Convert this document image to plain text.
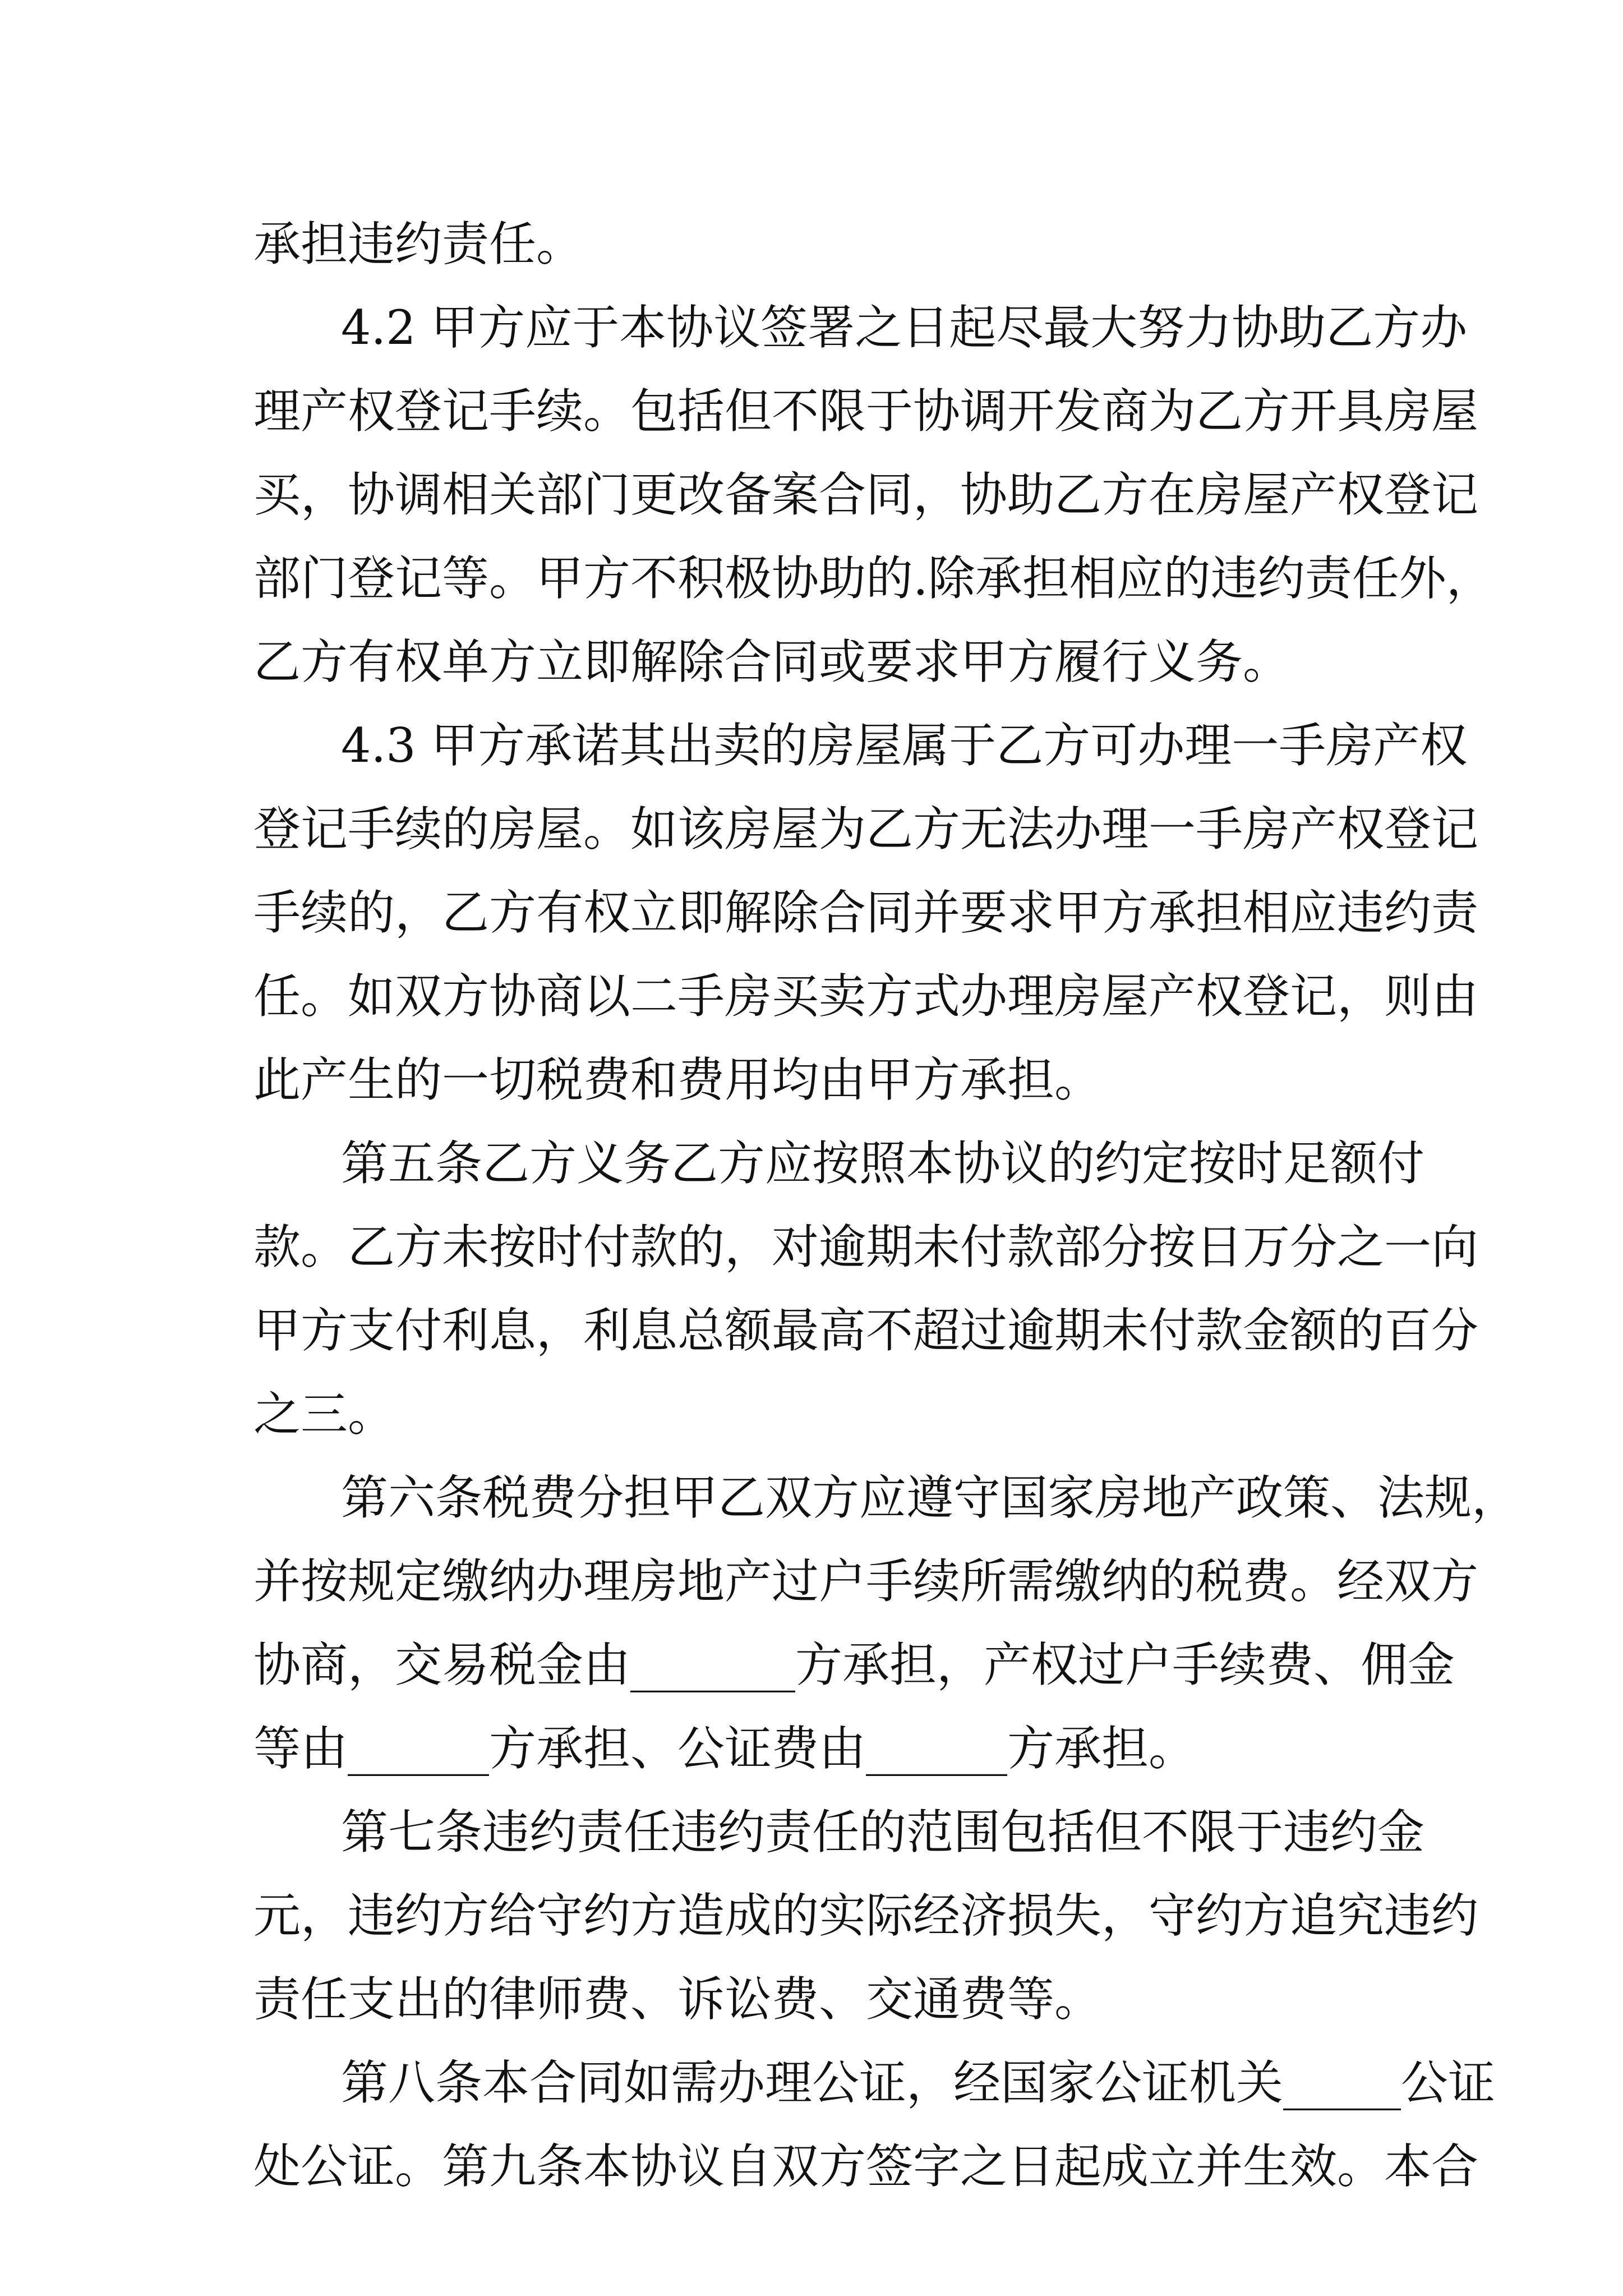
承担违约责任。
4.2 甲方应于本协议签署之日起尽最大努力协助乙方办
理产权登记手续。包括但不限于协调开发商为乙方开具房屋
买，协调相关部门更改备案合同，协助乙方在房屋产权登记
部门登记等。甲方不积极协助的.除承担相应的违约责任外，
乙方有权单方立即解除合同或要求甲方履行义务。
4.3 甲方承诺其出卖的房屋属于乙方可办理一手房产权
登记手续的房屋。如该房屋为乙方无法办理一手房产权登记
手续的，乙方有权立即解除合同并要求甲方承担相应违约责
任。如双方协商以二手房买卖方式办理房屋产权登记，则由
此产生的一切税费和费用均由甲方承担。
第五条乙方义务乙方应按照本协议的约定按时足额付
款。乙方未按时付款的，对逾期未付款部分按日万分之一向
甲方支付利息，利息总额最高不超过逾期未付款金额的百分
之三。
第六条税费分担甲乙双方应遵守国家房地产政策、法规，
并按规定缴纳办理房地产过户手续所需缴纳的税费。经双方
协商，交易税金由_______方承担，产权过户手续费、佣金
等由______方承担、公证费由______方承担。
第七条违约责任违约责任的范围包括但不限于违约金
元，违约方给守约方造成的实际经济损失，守约方追究违约
责任支出的律师费、诉讼费、交通费等。
第八条本合同如需办理公证，经国家公证机关_____公证
处公证。第九条本协议自双方签字之日起成立并生效。本合
